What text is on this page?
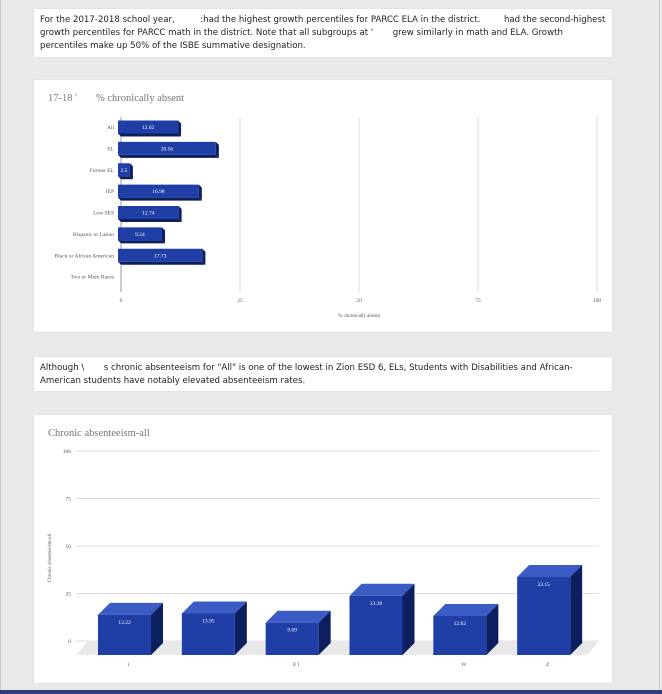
For the 2017-2018 school year,	:had the highest growth percentiles for PARCC ELA in the district.	had the second-highest growth percentiles for PARCC math in the district. Note that all subgroups at ' grew similarly in math and ELA. Growth percentiles make up 50% of the ISBE summative designation.

17-18 ' % chronically absent
0	25	50	75	100
All	12.62
EL	20.56
Former EL 2.5
IEP	16.98
Low SES	12.74
Hispanic or Latino	9.24
Black or African American	17.73
Two or More Races
% chronically absent

Although \ s chronic absenteeism for "All" is one of the lowest in Zion ESD 6, ELs, Students with Disabilities and African-American students have notably elevated absenteeism rates.

Chronic absenteeism-all
0
25
50
75
100
Chronic absenteeism-all
13.22
i
13.95
9.09
E l
23.26
12.62
W
33.15
Z
